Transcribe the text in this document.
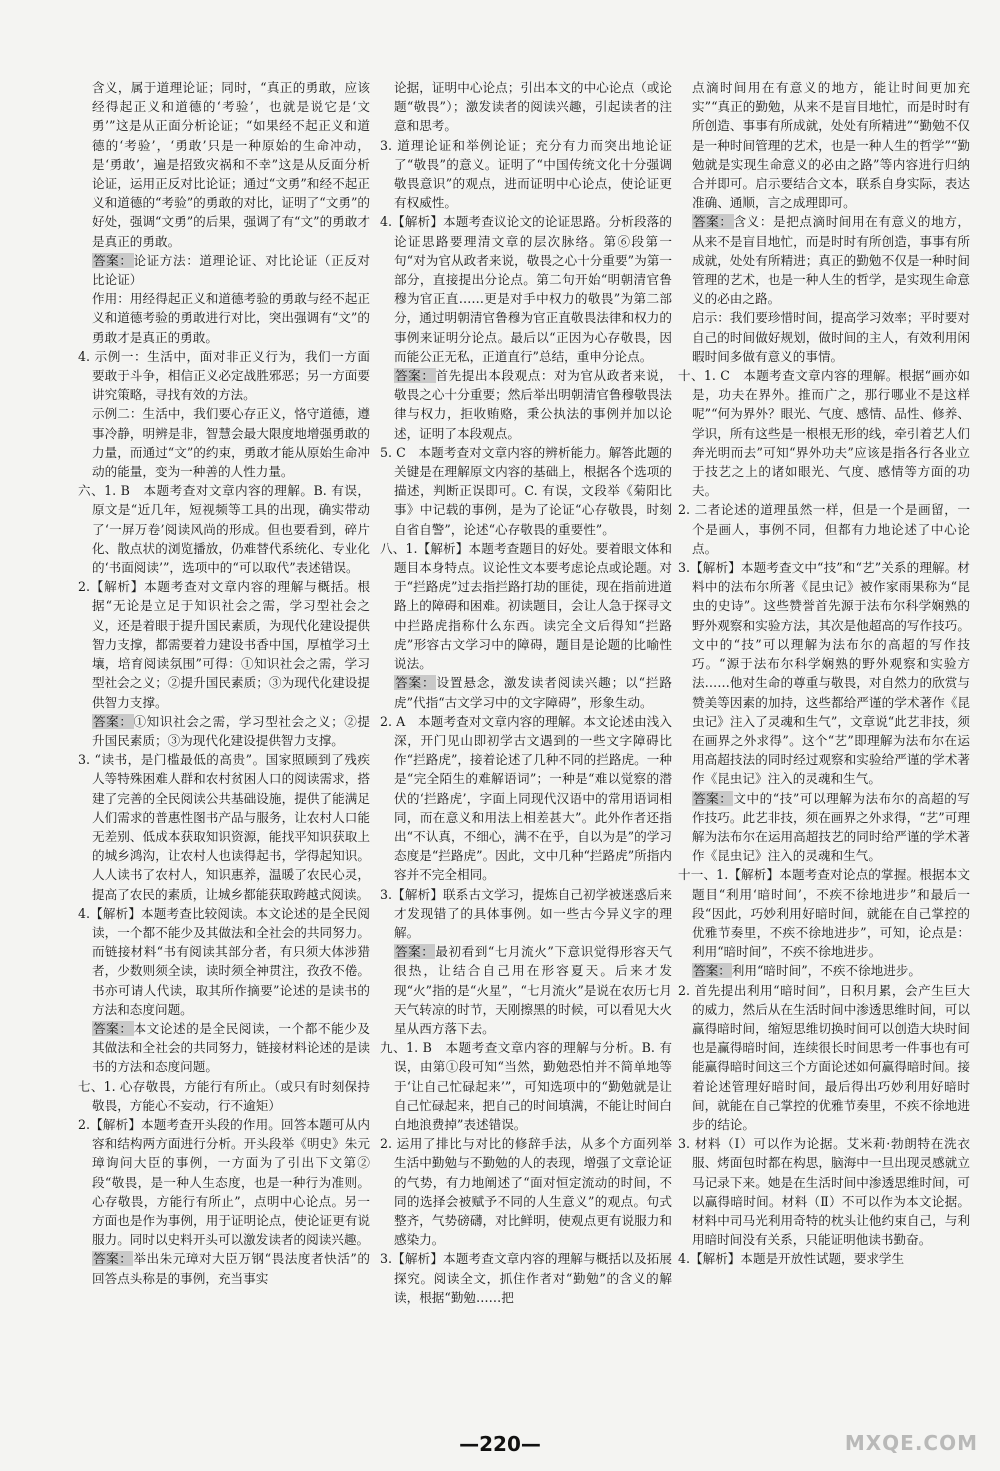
含义，属于道理论证；同时，“真正的勇敢，应该经得起正义和道德的‘考验’，也就是说它是‘文勇’”这是从正面分析论证；“如果经不起正义和道德的‘考验’，‘勇敢’只是一种原始的生命冲动，是‘勇敢’，遍是招致灾祸和不幸”这是从反面分析论证，运用正反对比论证；通过“文勇”和经不起正义和道德的“考验”的勇敢的对比，证明了“文勇”的好处，强调“文勇”的后果，强调了有“文”的勇敢才是真正的勇敢。

答案：论证方法：道理论证、对比论证（正反对比论证）

作用：用经得起正义和道德考验的勇敢与经不起正义和道德考验的勇敢进行对比，突出强调有“文”的勇敢才是真正的勇敢。

4. 示例一：生活中，面对非正义行为，我们一方面要敢于斗争，相信正义必定战胜邪恶；另一方面要讲究策略，寻找有效的方法。

示例二：生活中，我们要心存正义，恪守道德，遵事冷静，明辨是非，智慧会最大限度地增强勇敢的力量，而通过“文”的约束，勇敢才能从原始生命冲动的能量，变为一种善的人性力量。

六、1. B　本题考查对文章内容的理解。B. 有误，原文是“近几年，短视频等工具的出现，确实带动了‘一屏万卷’阅读风尚的形成。但也要看到，碎片化、散点状的浏览播放，仍难替代系统化、专业化的‘书面阅读’”，选项中的“可以取代”表述错误。

2.【解析】本题考查对文章内容的理解与概括。根据“无论是立足于知识社会之需，学习型社会之义，还是着眼于提升国民素质，为现代化建设提供智力支撑，都需要着力建设书香中国，厚植学习土壤，培育阅读氛围”可得：①知识社会之需，学习型社会之义；②提升国民素质；③为现代化建设提供智力支撑。

答案：①知识社会之需，学习型社会之义；②提升国民素质；③为现代化建设提供智力支撑。

3. “读书，是门槛最低的高贵”。国家照顾到了残疾人等特殊困难人群和农村贫困人口的阅读需求，搭建了完善的全民阅读公共基础设施，提供了能满足人们需求的普惠性图书产品与服务，让农村人口能无差别、低成本获取知识资源，能找平知识获取上的城乡鸿沟，让农村人也读得起书，学得起知识。人人读书了农村人，知识惠养，温暖了农民心灵，提高了农民的素质，让城乡都能获取跨越式阅读。

4.【解析】本题考查比较阅读。本文论述的是全民阅读，一个都不能少及其做法和全社会的共同努力。而链接材料“书有阅读其部分者，有只须大体涉猎者，少数则须全读，读时须全神贯注，孜孜不倦。书亦可请人代读，取其所作摘要”论述的是读书的方法和态度问题。

答案：本文论述的是全民阅读，一个都不能少及其做法和全社会的共同努力，链接材料论述的是读书的方法和态度问题。

七、1. 心存敬畏，方能行有所止。（或只有时刻保持敬畏，方能心不妄动，行不逾矩）

2.【解析】本题考查开头段的作用。回答本题可从内容和结构两方面进行分析。开头段举《明史》朱元璋询问大臣的事例，一方面为了引出下文第②段“敬畏，是一种人生态度，也是一种行为准则。心存敬畏，方能行有所止”，点明中心论点。另一方面也是作为事例，用于证明论点，使论证更有说服力。同时以史料开头可以激发读者的阅读兴趣。

答案：举出朱元璋对大臣万钢“畏法度者快活”的回答点头称是的事例，充当事实

论据，证明中心论点；引出本文的中心论点（或论题“敬畏”）；激发读者的阅读兴趣，引起读者的注意和思考。

3. 道理论证和举例论证；充分有力而突出地论证了“敬畏”的意义。证明了“中国传统文化十分强调敬畏意识”的观点，进而证明中心论点，使论证更有权威性。

4.【解析】本题考查议论文的论证思路。分析段落的论证思路要理清文章的层次脉络。第⑥段第一句“对为官从政者来说，敬畏之心十分重要”为第一部分，直接提出分论点。第二句开始“明朝清官鲁穆为官正直……更是对手中权力的敬畏”为第二部分，通过明朝清官鲁穆为官正直敬畏法律和权力的事例来证明分论点。最后以“正因为心存敬畏，因而能公正无私，正道直行”总结，重申分论点。

答案：首先提出本段观点：对为官从政者来说，敬畏之心十分重要；然后举出明朝清官鲁穆敬畏法律与权力，拒收贿赂，秉公执法的事例并加以论述，证明了本段观点。

5. C　本题考查对文章内容的辨析能力。解答此题的关键是在理解原文内容的基础上，根据各个选项的描述，判断正误即可。C. 有误，文段举《菊阳比事》中记载的事例，是为了论证“心存敬畏，时刻自省自警”，论述“心存敬畏的重要性”。

八、1.【解析】本题考查题目的好处。要着眼文体和题目本身特点。议论性文本要考虑论点或论题。对于“拦路虎”过去指拦路打劫的匪徒，现在指前进道路上的障碍和困难。初读题目，会让人急于探寻文中拦路虎指称什么东西。读完全文后得知“拦路虎”形容古文学习中的障碍，题目是论题的比喻性说法。

答案：设置悬念，激发读者阅读兴趣；以“拦路虎”代指“古文学习中的文字障碍”，形象生动。

2. A　本题考查对文章内容的理解。本文论述由浅入深，开门见山即初学古文遇到的一些文字障碍比作“拦路虎”，接着论述了几种不同的拦路虎。一种是“完全陌生的难解语词”；一种是“难以觉察的潜伏的‘拦路虎’，字面上同现代汉语中的常用语词相同，而在意义和用法上相差甚大”。此外作者还指出“不认真，不细心，满不在乎，自以为是”的学习态度是“拦路虎”。因此，文中几种“拦路虎”所指内容并不完全相同。

3.【解析】联系古文学习，提炼自己初学被迷惑后来才发现错了的具体事例。如一些古今异义字的理解。

答案：最初看到“七月流火”下意识觉得形容天气很热，让结合自己用在形容夏天。后来才发现“火”指的是“火星”，“七月流火”是说在农历七月天气转凉的时节，天刚擦黑的时候，可以看见大火星从西方落下去。

九、1. B　本题考查文章内容的理解与分析。B. 有误，由第①段可知“当然，勤勉恐怕并不简单地等于‘让自己忙碌起来’”，可知选项中的“勤勉就是让自己忙碌起来，把自己的时间填满，不能让时间白白地浪费掉”表述错误。

2. 运用了排比与对比的修辞手法，从多个方面列举生活中勤勉与不勤勉的人的表现，增强了文章论证的气势，有力地阐述了“面对恒定流动的时间，不同的选择会被赋予不同的人生意义”的观点。句式整齐，气势磅礴，对比鲜明，使观点更有说服力和感染力。

3.【解析】本题考查文章内容的理解与概括以及拓展探究。阅读全文，抓住作者对“勤勉”的含义的解读，根据“勤勉……把

点滴时间用在有意义的地方，能让时间更加充实”“真正的勤勉，从来不是盲目地忙，而是时时有所创造、事事有所成就，处处有所精进”“勤勉不仅是一种时间管理的艺术，也是一种人生的哲学”“勤勉就是实现生命意义的必由之路”等内容进行归纳合并即可。启示要结合文本，联系自身实际，表达准确、通顺，言之成理即可。

答案：含义：是把点滴时间用在有意义的地方，从来不是盲目地忙，而是时时有所创造，事事有所成就，处处有所精进；真正的勤勉不仅是一种时间管理的艺术，也是一种人生的哲学，是实现生命意义的必由之路。

启示：我们要珍惜时间，提高学习效率；平时要对自己的时间做好规划，做时间的主人，有效利用闲暇时间多做有意义的事情。

十、1. C　本题考查文章内容的理解。根据“画亦如是，功夫在界外。推而广之，那行哪业不是这样呢”“何为界外？眼光、气度、感情、品性、修养、学识，所有这些是一根根无形的线，牵引着艺人们奔光明而去”可知“界外功夫”应该是指各行各业立于技艺之上的诸如眼光、气度、感情等方面的功夫。

2. 二者论述的道理虽然一样，但是一个是画留，一个是画人，事例不同，但都有力地论述了中心论点。

3.【解析】本题考查文中“技”和“艺”关系的理解。材料中的法布尔所著《昆虫记》被作家雨果称为“昆虫的史诗”。这些赞誉首先源于法布尔科学娴熟的野外观察和实验方法，其次是他超高的写作技巧。文中的“技”可以理解为法布尔的高超的写作技巧。“源于法布尔科学娴熟的野外观察和实验方法……他对生命的尊重与敬畏，对自然力的欣赏与赞美等因素的加持，这些都给严谨的学术著作《昆虫记》注入了灵魂和生气”，文章说“此艺非技，须在画界之外求得”。这个“艺”即理解为法布尔在运用高超技法的同时经过观察和实验给严谨的学术著作《昆虫记》注入的灵魂和生气。

答案：文中的“技”可以理解为法布尔的高超的写作技巧。此艺非技，须在画界之外求得，“艺”可理解为法布尔在运用高超技艺的同时给严谨的学术著作《昆虫记》注入的灵魂和生气。

十一、1.【解析】本题考查对论点的掌握。根据本文题目“利用‘暗时间’，不疾不徐地进步”和最后一段“因此，巧妙利用好暗时间，就能在自己掌控的优雅节奏里，不疾不徐地进步”，可知，论点是：利用“暗时间”，不疾不徐地进步。

答案：利用“暗时间”，不疾不徐地进步。

2. 首先提出利用“暗时间”，日积月累，会产生巨大的威力，然后从在生活时间中渗透思维时间，可以赢得暗时间，缩短思维切换时间可以创造大块时间也是赢得暗时间，连续很长时间思考一件事也有可能赢得暗时间这三个方面论述如何赢得暗时间。接着论述管理好暗时间，最后得出巧妙利用好暗时间，就能在自己掌控的优雅节奏里，不疾不徐地进步的结论。

3. 材料（Ⅰ）可以作为论据。艾米莉·勃朗特在洗衣服、烤面包时都在构思，脑海中一旦出现灵感就立马记录下来。她是在生活时间中渗透思维时间，可以赢得暗时间。材料（Ⅱ）不可以作为本文论据。材料中司马光利用奇特的枕头让他约束自己，与利用暗时间没有关系，只能证明他读书勤奋。

4.【解析】本题是开放性试题，要求学生

—220—	MXQE.COM
